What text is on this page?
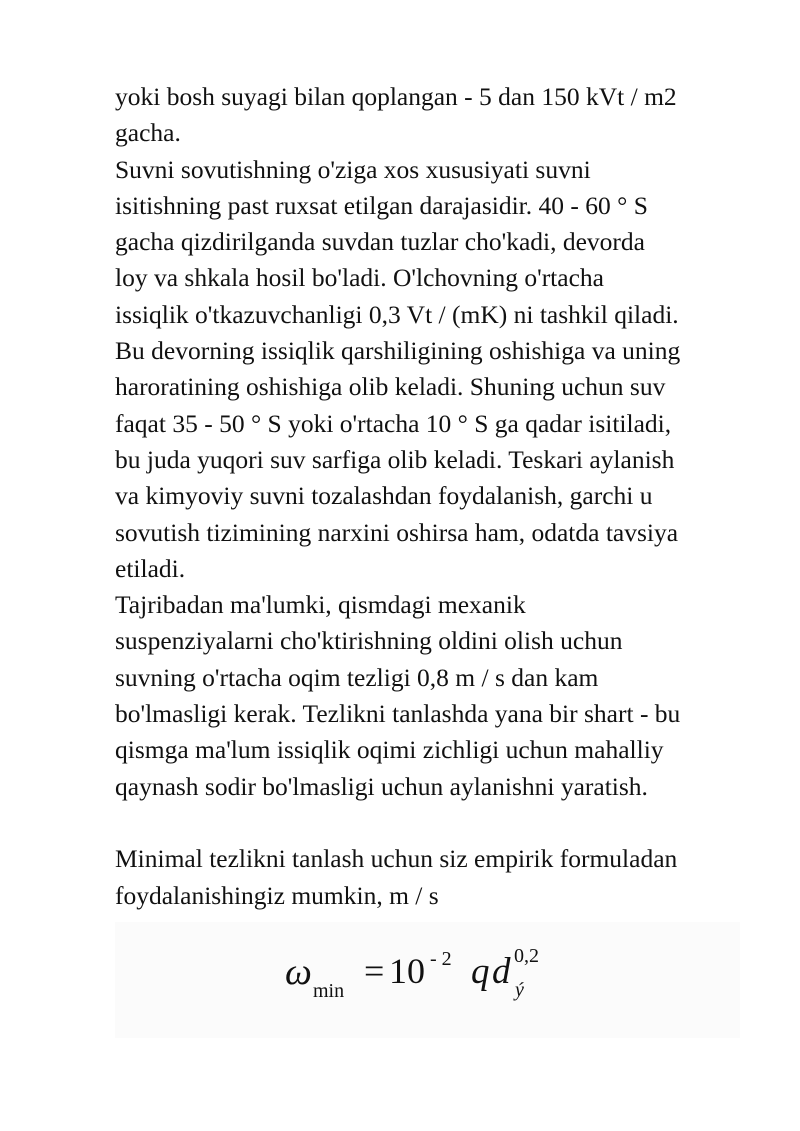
yoki bosh suyagi bilan qoplangan - 5 dan 150 kVt / m2
gacha.
Suvni sovutishning o'ziga xos xususiyati suvni
isitishning past ruxsat etilgan darajasidir. 40 - 60 ° S
gacha qizdirilganda suvdan tuzlar cho'kadi, devorda
loy va shkala hosil bo'ladi. O'lchovning o'rtacha
issiqlik o'tkazuvchanligi 0,3 Vt / (mK) ni tashkil qiladi.
Bu devorning issiqlik qarshiligining oshishiga va uning
haroratining oshishiga olib keladi. Shuning uchun suv
faqat 35 - 50 ° S yoki o'rtacha 10 ° S ga qadar isitiladi,
bu juda yuqori suv sarfiga olib keladi. Teskari aylanish
va kimyoviy suvni tozalashdan foydalanish, garchi u
sovutish tizimining narxini oshirsa ham, odatda tavsiya
etiladi.
Tajribadan ma'lumki, qismdagi mexanik
suspenziyalarni cho'ktirishning oldini olish uchun
suvning o'rtacha oqim tezligi 0,8 m / s dan kam
bo'lmasligi kerak. Tezlikni tanlashda yana bir shart - bu
qismga ma'lum issiqlik oqimi zichligi uchun mahalliy
qaynash sodir bo'lmasligi uchun aylanishni yaratish.
Minimal tezlikni tanlash uchun siz empirik formuladan
foydalanishingiz mumkin, m / s
ω min = 10 - 2 q d 0,2
ý
